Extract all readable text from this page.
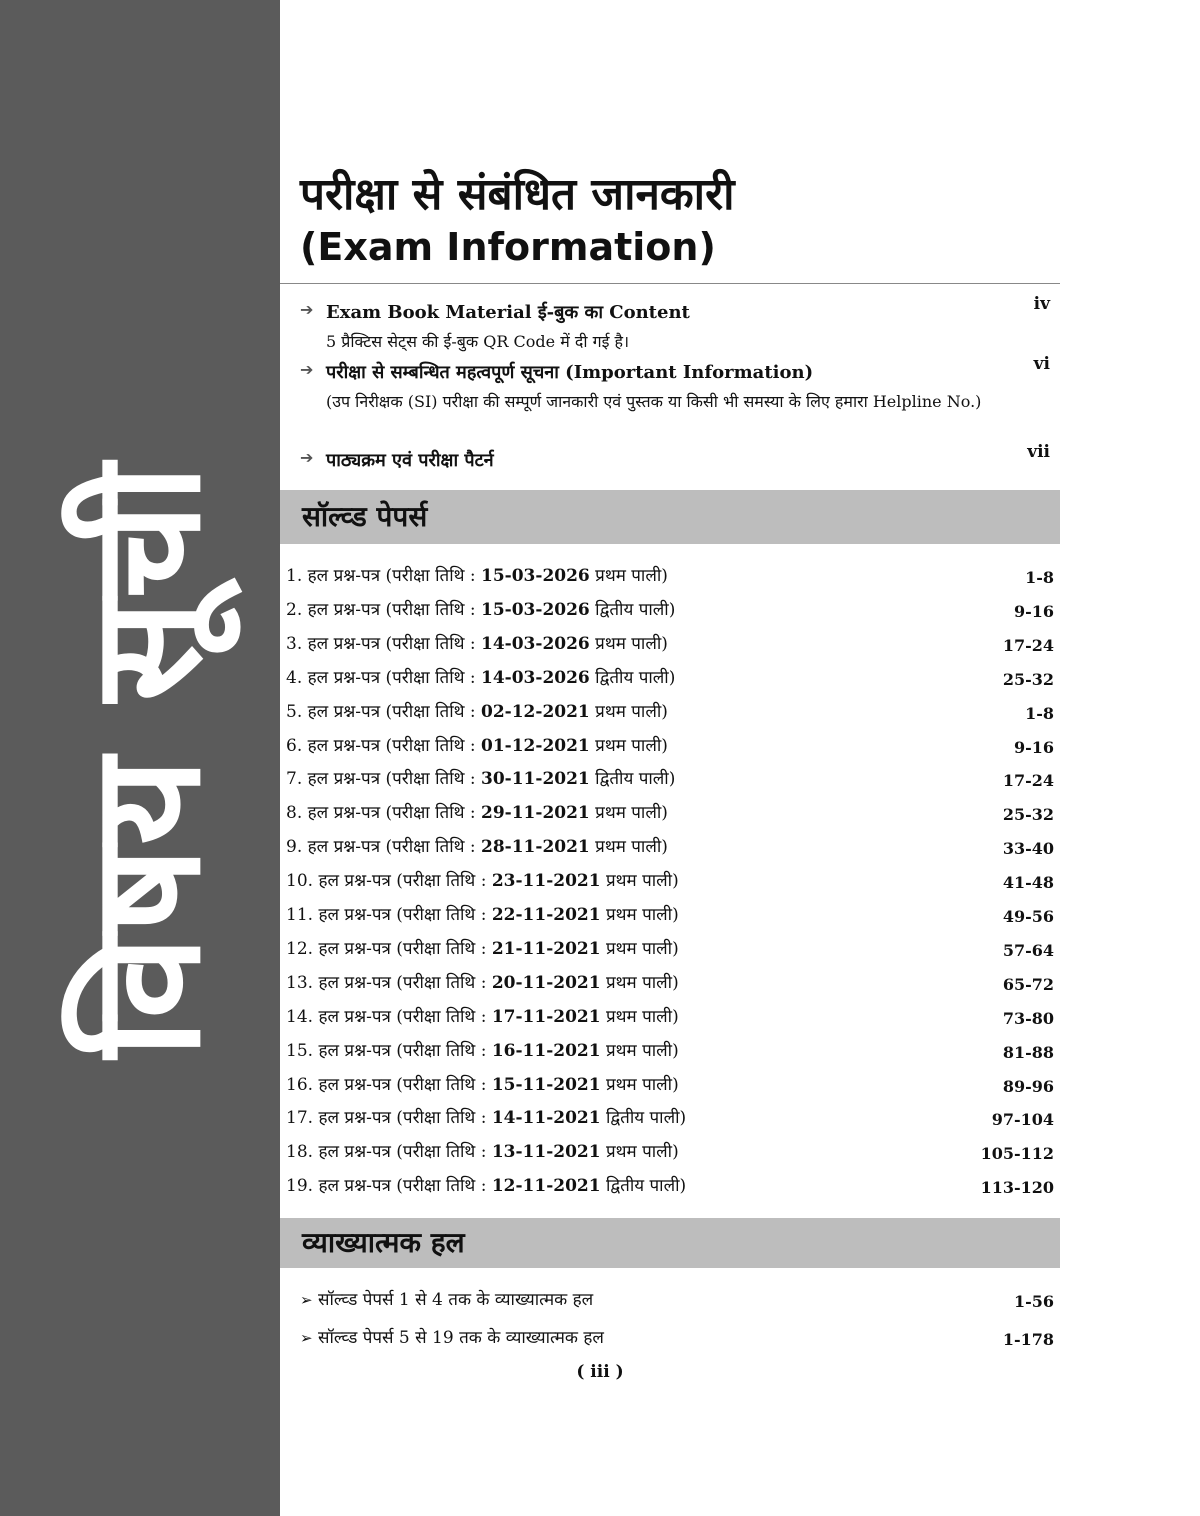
विषय सूची
परीक्षा से संबंधित जानकारी
(Exam Information)
➔ Exam Book Material ई-बुक का Content
5 प्रैक्टिस सेट्स की ई-बुक QR Code में दी गई है।
iv
➔ परीक्षा से सम्बन्धित महत्वपूर्ण सूचना (Important Information)
(उप निरीक्षक (SI) परीक्षा की सम्पूर्ण जानकारी एवं पुस्तक या किसी भी समस्या के लिए हमारा Helpline No.)
vi
➔ पाठ्यक्रम एवं परीक्षा पैटर्न	vii
सॉल्व्ड पेपर्स
1. हल प्रश्न-पत्र (परीक्षा तिथि : 15-03-2026 प्रथम पाली)	1-8
2. हल प्रश्न-पत्र (परीक्षा तिथि : 15-03-2026 द्वितीय पाली)	9-16
3. हल प्रश्न-पत्र (परीक्षा तिथि : 14-03-2026 प्रथम पाली)	17-24
4. हल प्रश्न-पत्र (परीक्षा तिथि : 14-03-2026 द्वितीय पाली)	25-32
5. हल प्रश्न-पत्र (परीक्षा तिथि : 02-12-2021 प्रथम पाली)	1-8
6. हल प्रश्न-पत्र (परीक्षा तिथि : 01-12-2021 प्रथम पाली)	9-16
7. हल प्रश्न-पत्र (परीक्षा तिथि : 30-11-2021 द्वितीय पाली)	17-24
8. हल प्रश्न-पत्र (परीक्षा तिथि : 29-11-2021 प्रथम पाली)	25-32
9. हल प्रश्न-पत्र (परीक्षा तिथि : 28-11-2021 प्रथम पाली)	33-40
10. हल प्रश्न-पत्र (परीक्षा तिथि : 23-11-2021 प्रथम पाली)	41-48
11. हल प्रश्न-पत्र (परीक्षा तिथि : 22-11-2021 प्रथम पाली)	49-56
12. हल प्रश्न-पत्र (परीक्षा तिथि : 21-11-2021 प्रथम पाली)	57-64
13. हल प्रश्न-पत्र (परीक्षा तिथि : 20-11-2021 प्रथम पाली)	65-72
14. हल प्रश्न-पत्र (परीक्षा तिथि : 17-11-2021 प्रथम पाली)	73-80
15. हल प्रश्न-पत्र (परीक्षा तिथि : 16-11-2021 प्रथम पाली)	81-88
16. हल प्रश्न-पत्र (परीक्षा तिथि : 15-11-2021 प्रथम पाली)	89-96
17. हल प्रश्न-पत्र (परीक्षा तिथि : 14-11-2021 द्वितीय पाली)	97-104
18. हल प्रश्न-पत्र (परीक्षा तिथि : 13-11-2021 प्रथम पाली)	105-112
19. हल प्रश्न-पत्र (परीक्षा तिथि : 12-11-2021 द्वितीय पाली)	113-120
व्याख्यात्मक हल
➢ सॉल्व्ड पेपर्स 1 से 4 तक के व्याख्यात्मक हल	1-56
➢ सॉल्व्ड पेपर्स 5 से 19 तक के व्याख्यात्मक हल	1-178
( iii )
